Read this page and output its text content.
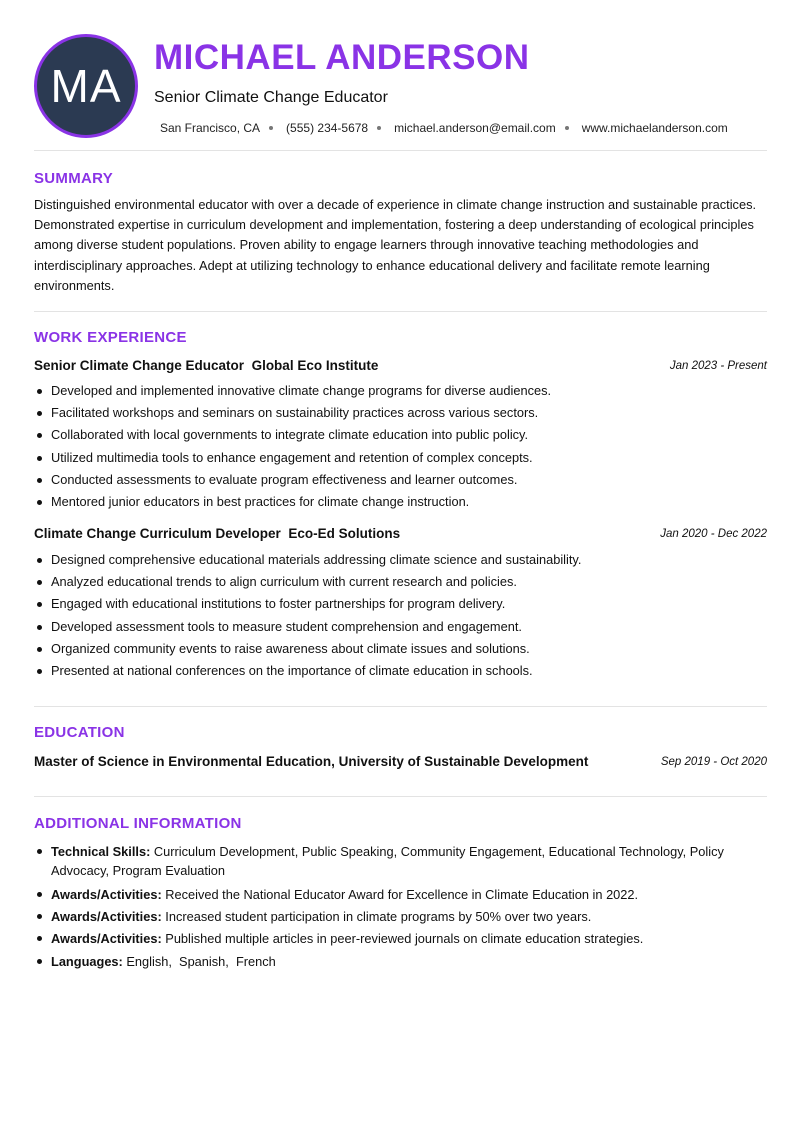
MA
MICHAEL ANDERSON
Senior Climate Change Educator
San Francisco, CA (555) 234-5678 michael.anderson@email.com www.michaelanderson.com
SUMMARY
Distinguished environmental educator with over a decade of experience in climate change instruction and sustainable practices. Demonstrated expertise in curriculum development and implementation, fostering a deep understanding of ecological principles among diverse student populations. Proven ability to engage learners through innovative teaching methodologies and interdisciplinary approaches. Adept at utilizing technology to enhance educational delivery and facilitate remote learning environments.
WORK EXPERIENCE
Senior Climate Change Educator Global Eco Institute	Jan 2023 - Present
Developed and implemented innovative climate change programs for diverse audiences.
Facilitated workshops and seminars on sustainability practices across various sectors.
Collaborated with local governments to integrate climate education into public policy.
Utilized multimedia tools to enhance engagement and retention of complex concepts.
Conducted assessments to evaluate program effectiveness and learner outcomes.
Mentored junior educators in best practices for climate change instruction.
Climate Change Curriculum Developer Eco-Ed Solutions	Jan 2020 - Dec 2022
Designed comprehensive educational materials addressing climate science and sustainability.
Analyzed educational trends to align curriculum with current research and policies.
Engaged with educational institutions to foster partnerships for program delivery.
Developed assessment tools to measure student comprehension and engagement.
Organized community events to raise awareness about climate issues and solutions.
Presented at national conferences on the importance of climate education in schools.
EDUCATION
Master of Science in Environmental Education, University of Sustainable Development	Sep 2019 - Oct 2020
ADDITIONAL INFORMATION
Technical Skills: Curriculum Development, Public Speaking, Community Engagement, Educational Technology, Policy Advocacy, Program Evaluation
Awards/Activities: Received the National Educator Award for Excellence in Climate Education in 2022.
Awards/Activities: Increased student participation in climate programs by 50% over two years.
Awards/Activities: Published multiple articles in peer-reviewed journals on climate education strategies.
Languages: English,  Spanish,  French
